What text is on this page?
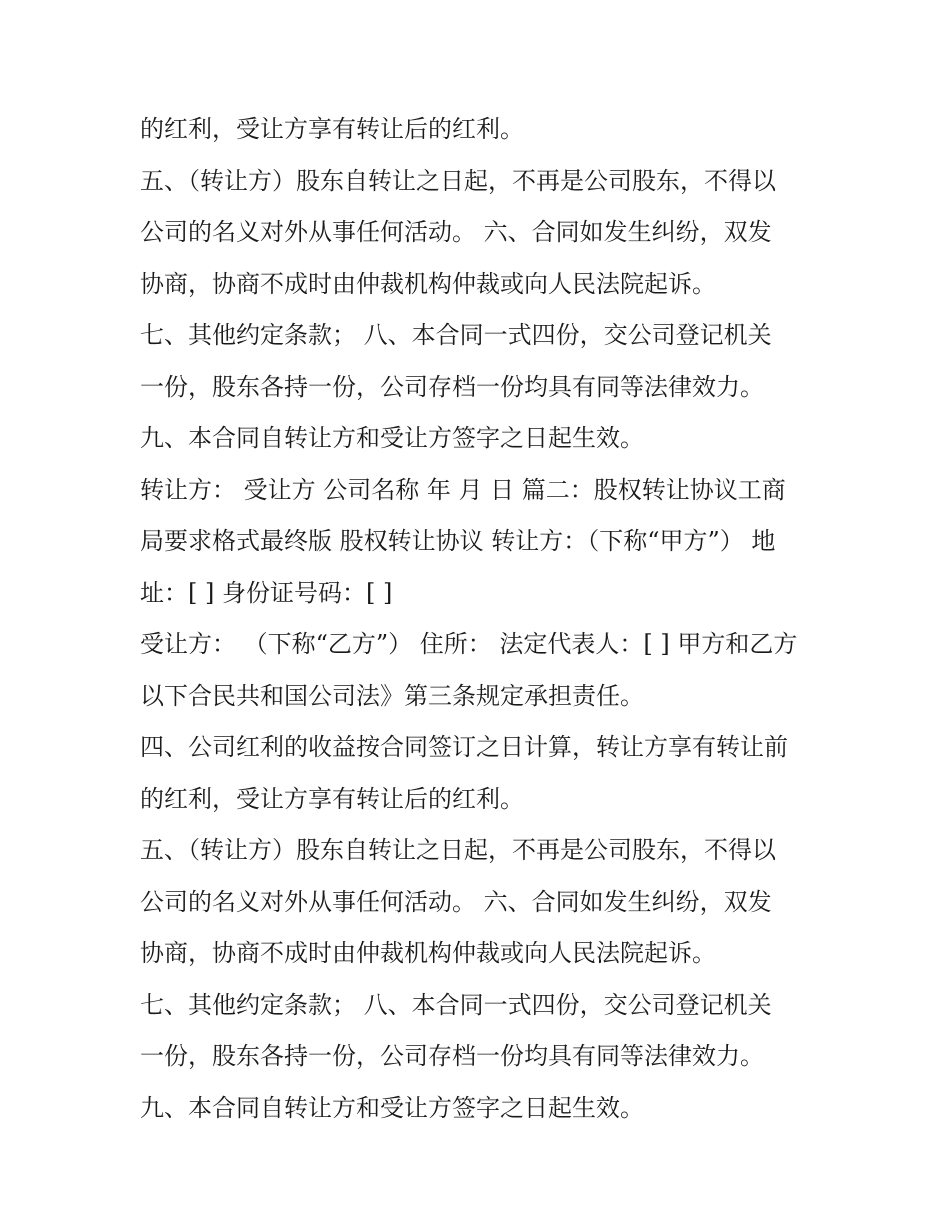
的红利，受让方享有转让后的红利。
五、（转让方）股东自转让之日起，不再是公司股东，不得以
公司的名义对外从事任何活动。 六、合同如发生纠纷，双发
协商，协商不成时由仲裁机构仲裁或向人民法院起诉。
七、其他约定条款； 八、本合同一式四份，交公司登记机关
一份，股东各持一份，公司存档一份均具有同等法律效力。
九、本合同自转让方和受让方签字之日起生效。
转让方： 受让方 公司名称 年 月 日 篇二：股权转让协议工商
局要求格式最终版 股权转让协议 转让方：（下称“甲方”） 地
址：[ ] 身份证号码：[ ]
受让方： （下称“乙方”） 住所： 法定代表人：[ ] 甲方和乙方
以下合民共和国公司法》第三条规定承担责任。
四、公司红利的收益按合同签订之日计算，转让方享有转让前
的红利，受让方享有转让后的红利。
五、（转让方）股东自转让之日起，不再是公司股东，不得以
公司的名义对外从事任何活动。 六、合同如发生纠纷，双发
协商，协商不成时由仲裁机构仲裁或向人民法院起诉。
七、其他约定条款； 八、本合同一式四份，交公司登记机关
一份，股东各持一份，公司存档一份均具有同等法律效力。
九、本合同自转让方和受让方签字之日起生效。
